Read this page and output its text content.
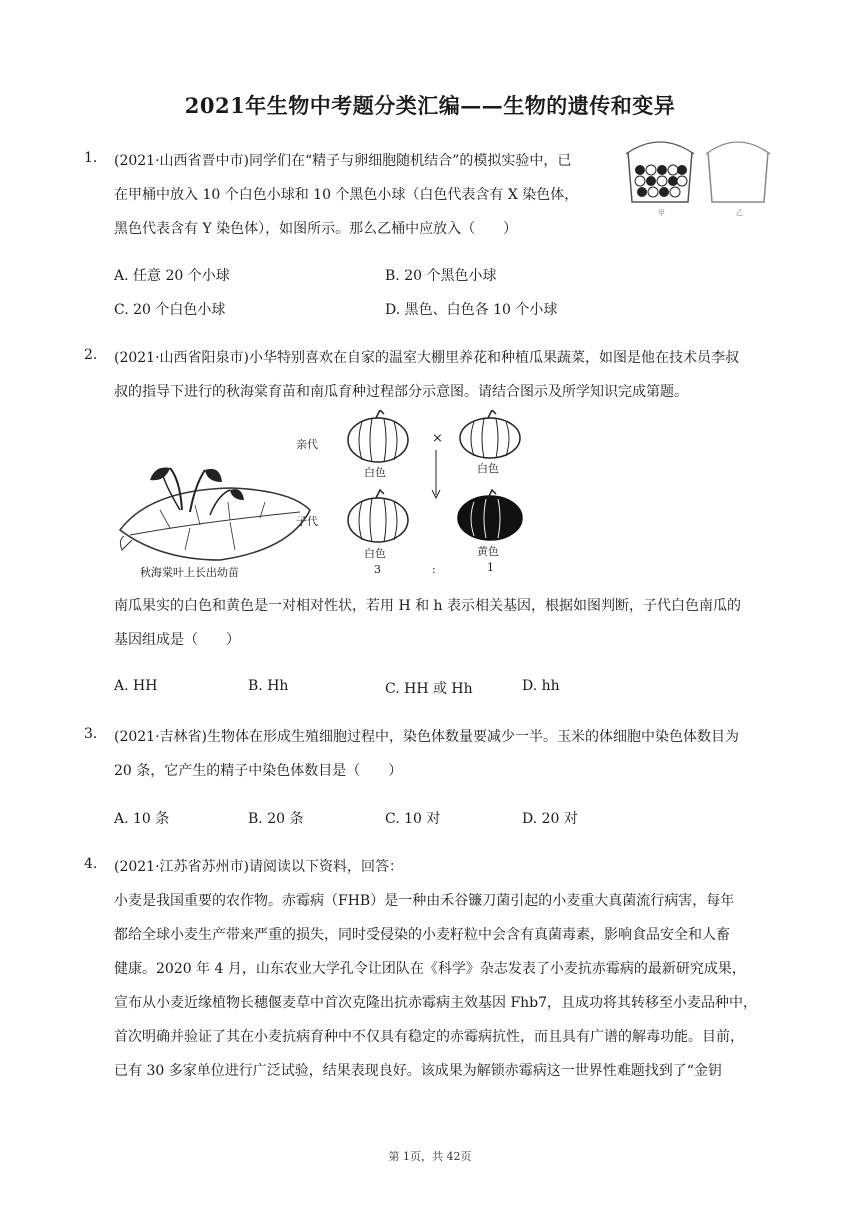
2021年生物中考题分类汇编——生物的遗传和变异
1. (2021·山西省晋中市)同学们在“精子与卵细胞随机结合”的模拟实验中，已
在甲桶中放入 10 个白色小球和 10 个黑色小球（白色代表含有 X 染色体，
黑色代表含有 Y 染色体），如图所示。那么乙桶中应放入（　　）
甲	乙
A. 任意 20 个小球	B. 20 个黑色小球
C. 20 个白色小球	D. 黑色、白色各 10 个小球
2. (2021·山西省阳泉市)小华特别喜欢在自家的温室大棚里养花和种植瓜果蔬菜，如图是他在技术员李叔
叔的指导下进行的秋海棠育苗和南瓜育种过程部分示意图。请结合图示及所学知识完成第题。
秋海棠叶上长出幼苗
亲代
子代
白色
×
白色
白色
3	:
黄色
1
南瓜果实的白色和黄色是一对相对性状，若用 H 和 h 表示相关基因，根据如图判断，子代白色南瓜的
基因组成是（　　）
A. HH	B. Hh	C. HH 或 Hh	D. hh
3. (2021·吉林省)生物体在形成生殖细胞过程中，染色体数量要减少一半。玉米的体细胞中染色体数目为
20 条，它产生的精子中染色体数目是（　　）
A. 10 条	B. 20 条	C. 10 对	D. 20 对
4. (2021·江苏省苏州市)请阅读以下资料，回答：
小麦是我国重要的农作物。赤霉病（FHB）是一种由禾谷镰刀菌引起的小麦重大真菌流行病害，每年
都给全球小麦生产带来严重的损失，同时受侵染的小麦籽粒中会含有真菌毒素，影响食品安全和人畜
健康。2020 年 4 月，山东农业大学孔令让团队在《科学》杂志发表了小麦抗赤霉病的最新研究成果，
宣布从小麦近缘植物长穗偃麦草中首次克隆出抗赤霉病主效基因 Fhb7，且成功将其转移至小麦品种中，
首次明确并验证了其在小麦抗病育种中不仅具有稳定的赤霉病抗性，而且具有广谱的解毒功能。目前，
已有 30 多家单位进行广泛试验，结果表现良好。该成果为解锁赤霉病这一世界性难题找到了“金钥
第 1页，共 42页
